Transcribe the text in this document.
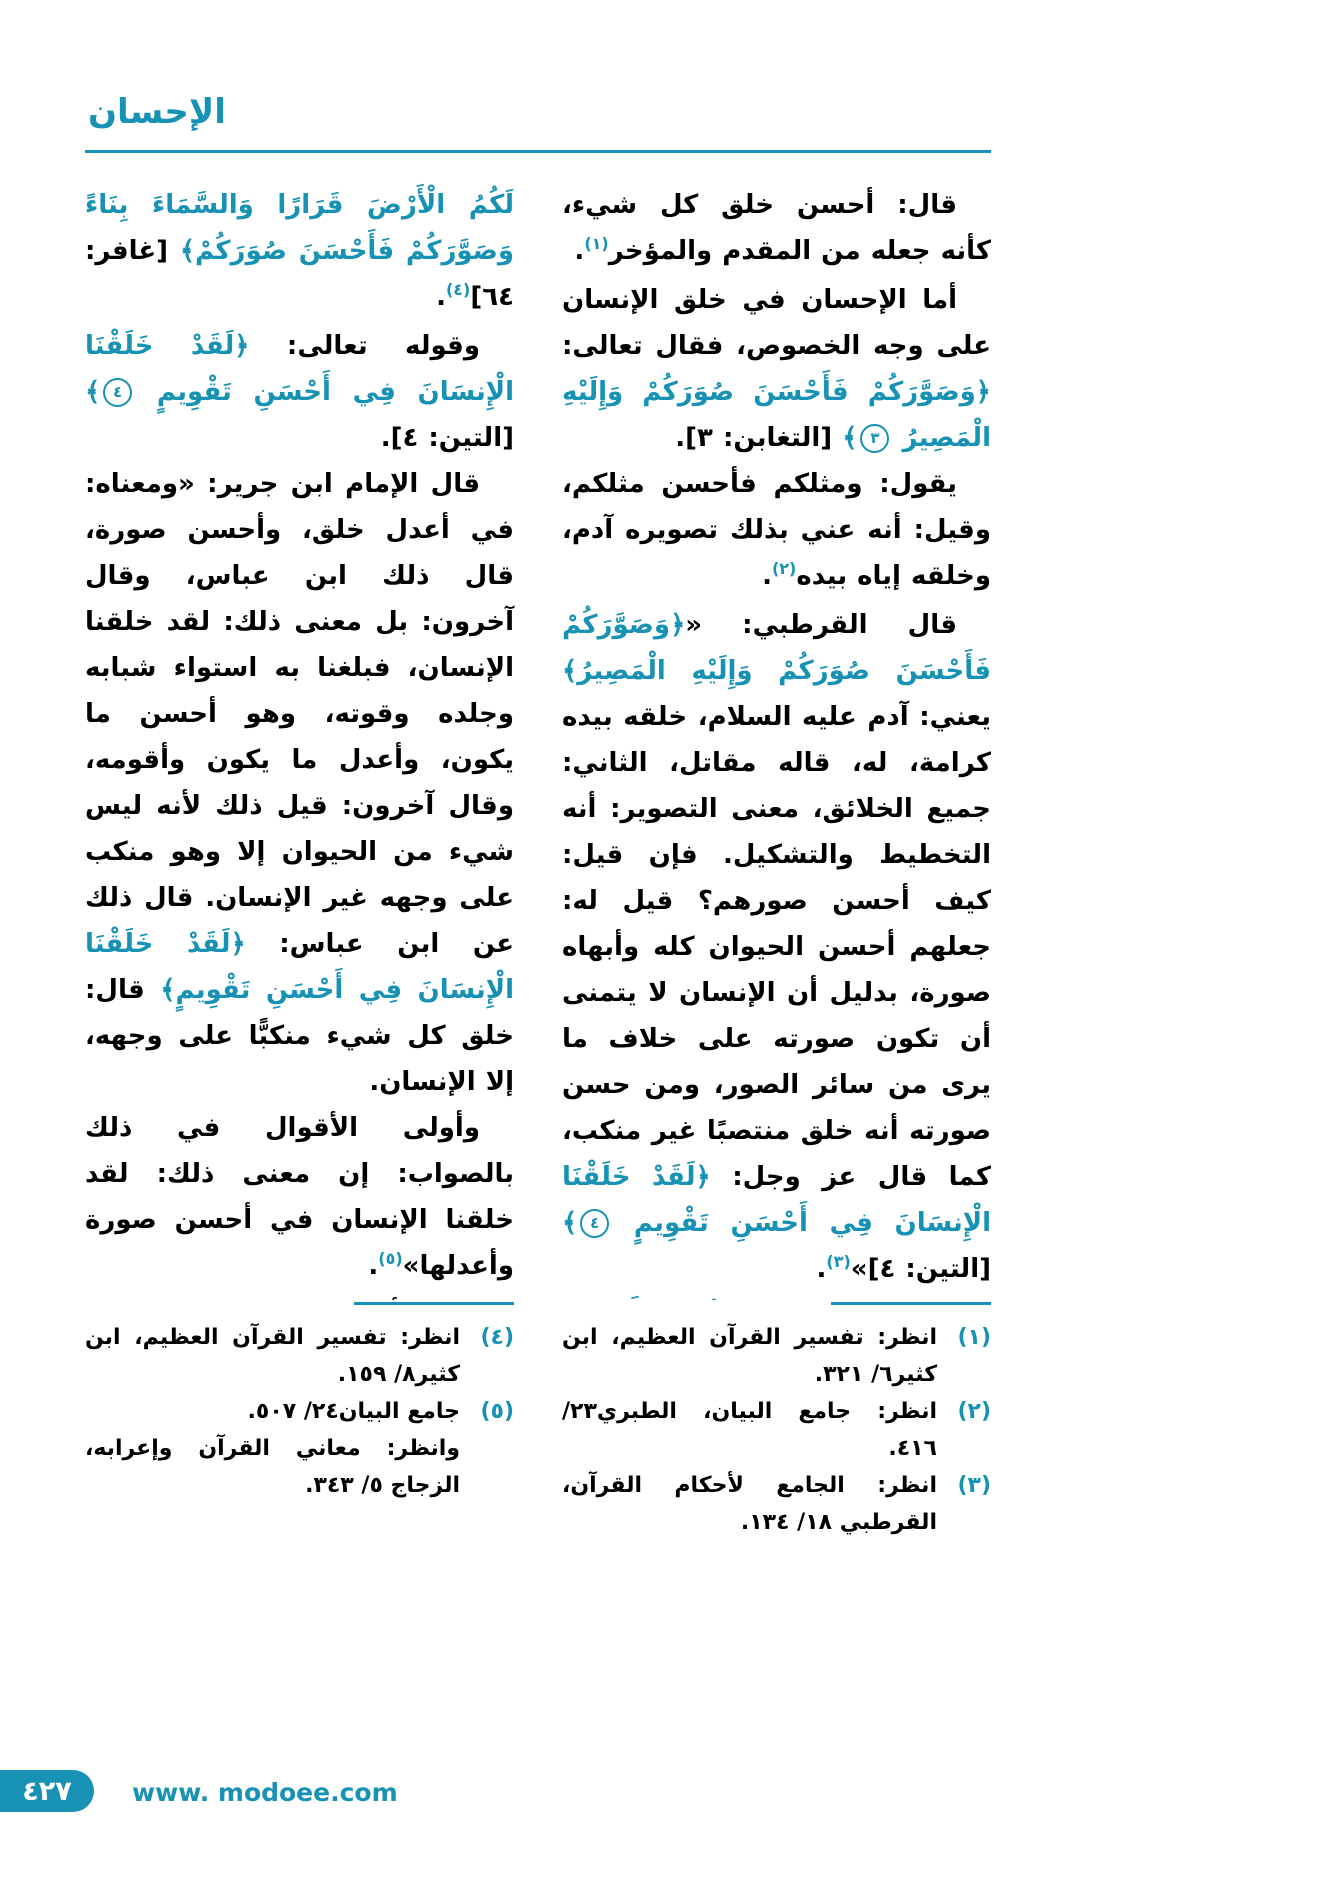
الإحسان

قال: أحسن خلق كل شيء، كأنه جعله من المقدم والمؤخر$^{(١)}$.

أما الإحسان في خلق الإنسان على وجه الخصوص، فقال تعالى: ﴿وَصَوَّرَكُمْ فَأَحْسَنَ صُوَرَكُمْ وَإِلَيْهِ الْمَصِيرُ ٣﴾ [التغابن: ٣].

يقول: ومثلكم فأحسن مثلكم، وقيل: أنه عني بذلك تصويره آدم، وخلقه إياه بيده$^{(٢)}$.

قال القرطبي: «﴿وَصَوَّرَكُمْ فَأَحْسَنَ صُوَرَكُمْ وَإِلَيْهِ الْمَصِيرُ﴾ يعني: آدم عليه السلام، خلقه بيده كرامة، له، قاله مقاتل، الثاني: جميع الخلائق، معنى التصوير: أنه التخطيط والتشكيل. فإن قيل: كيف أحسن صورهم؟ قيل له: جعلهم أحسن الحيوان كله وأبهاه صورة، بدليل أن الإنسان لا يتمنى أن تكون صورته على خلاف ما يرى من سائر الصور، ومن حسن صورته أنه خلق منتصبًا غير منكب، كما قال عز وجل: ﴿لَقَدْ خَلَقْنَا الْإِنسَانَ فِي أَحْسَنِ تَقْوِيمٍ ٤﴾ [التين: ٤]»$^{(٣)}$.

لَكُمُ الْأَرْضَ قَرَارًا وَالسَّمَاءَ بِنَاءً وَصَوَّرَكُمْ فَأَحْسَنَ صُوَرَكُمْ﴾ [غافر: ٦٤]$^{(٤)}$.

وقوله تعالى: ﴿لَقَدْ خَلَقْنَا الْإِنسَانَ فِي أَحْسَنِ تَقْوِيمٍ ٤﴾ [التين: ٤].

قال الإمام ابن جرير: «ومعناه: في أعدل خلق، وأحسن صورة، قال ذلك ابن عباس، وقال آخرون: بل معنى ذلك: لقد خلقنا الإنسان، فبلغنا به استواء شبابه وجلده وقوته، وهو أحسن ما يكون، وأعدل ما يكون وأقومه، وقال آخرون: قيل ذلك لأنه ليس شيء من الحيوان إلا وهو منكب على وجهه غير الإنسان. قال ذلك عن ابن عباس: ﴿لَقَدْ خَلَقْنَا الْإِنسَانَ فِي أَحْسَنِ تَقْوِيمٍ﴾ قال: خلق كل شيء منكبًّا على وجهه، إلا الإنسان.

وأولى الأقوال في ذلك بالصواب: إن معنى ذلك: لقد خلقنا الإنسان في أحسن صورة وأعدلها»$^{(٥)}$.

(١)
انظر: تفسير القرآن العظيم، ابن كثير٦/ ٣٢١.
(٢)
انظر: جامع البيان، الطبري٢٣/ ٤١٦.
(٣)
انظر: الجامع لأحكام القرآن، القرطبي ١٨/ ١٣٤.
(٤)
انظر: تفسير القرآن العظيم، ابن كثير٨/ ١٥٩.
(٥)
جامع البيان٢٤/ ٥٠٧.
وانظر: معاني القرآن وإعرابه، الزجاج ٥/ ٣٤٣.
٤٢٧ www. modoee.com
